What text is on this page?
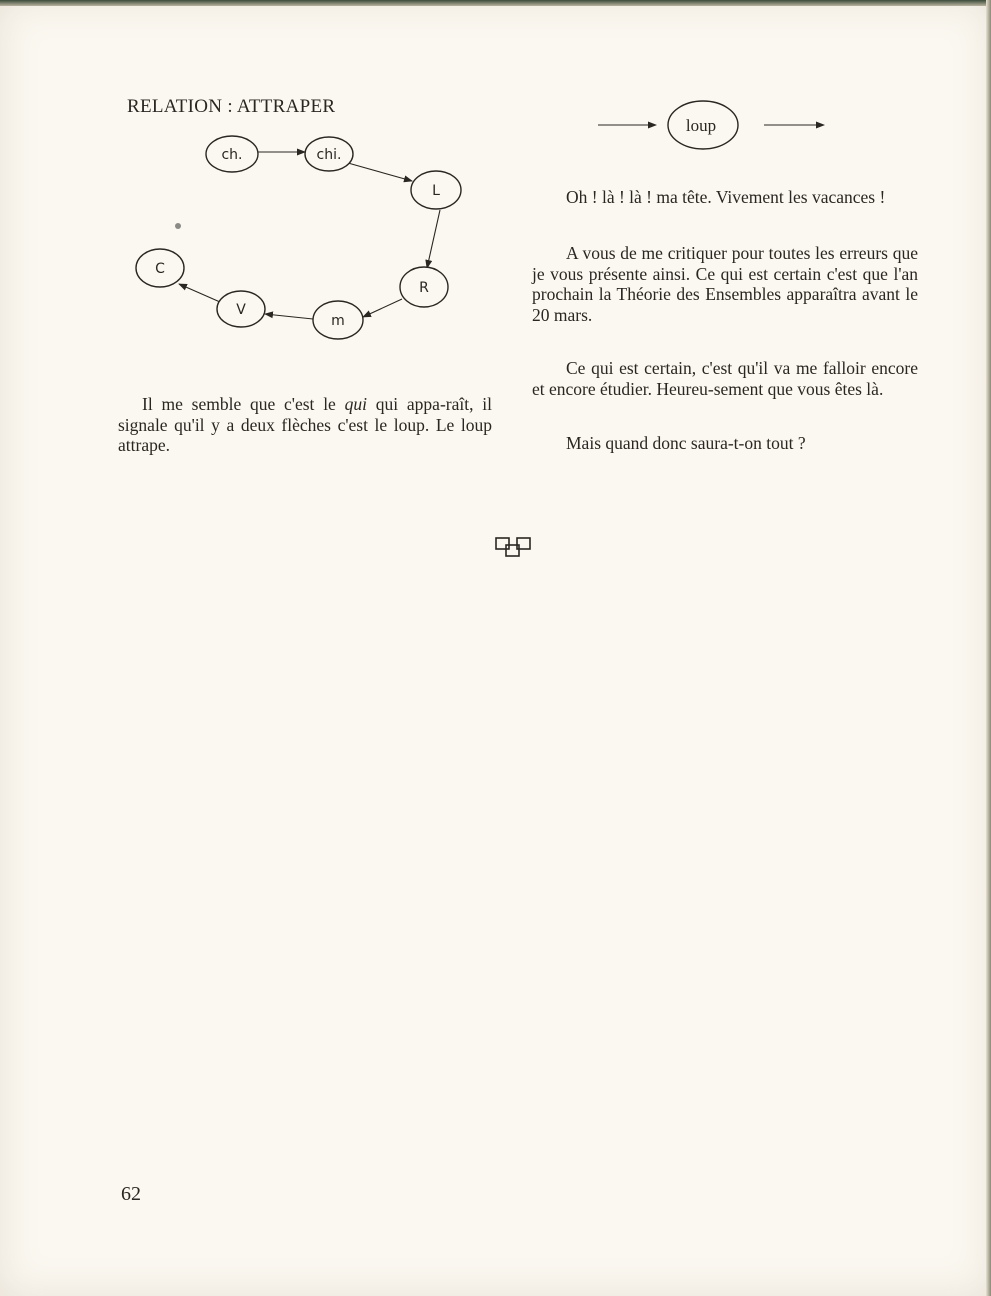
RELATION : ATTRAPER
ch.	chi.
L
R
m
V
C
loup

Il me semble que c'est le qui qui appa-raît, il signale qu'il y a deux flèches c'est le loup. Le loup attrape.

Oh ! là ! là ! ma tête. Vivement les vacances !

A vous de me critiquer pour toutes les erreurs que je vous présente ainsi. Ce qui est certain c'est que l'an prochain la Théorie des Ensembles apparaîtra avant le 20 mars.

Ce qui est certain, c'est qu'il va me falloir encore et encore étudier. Heureu-sement que vous êtes là.

Mais quand donc saura-t-on tout ?

62
